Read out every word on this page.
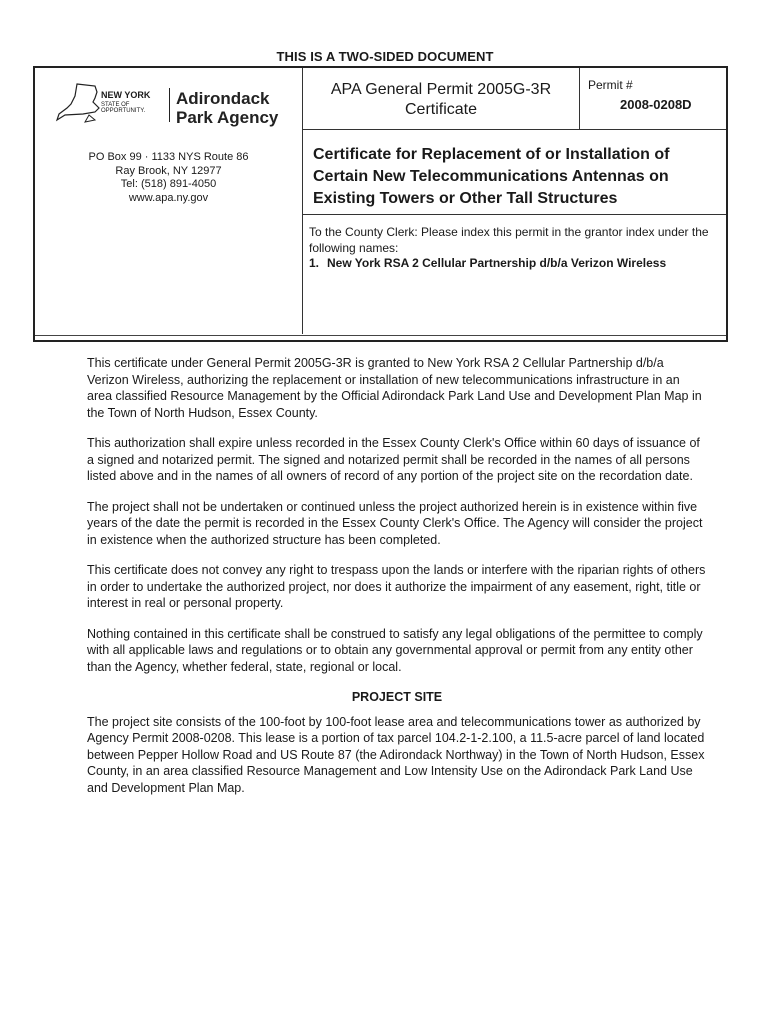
THIS IS A TWO-SIDED DOCUMENT
NEW YORK
STATE OF OPPORTUNITY.
Adirondack
Park Agency
PO Box 99 · 1133 NYS Route 86
Ray Brook, NY 12977
Tel: (518) 891-4050
www.apa.ny.gov
APA General Permit 2005G-3R
Certificate
Permit #
2008-0208D
Certificate for Replacement of or Installation of Certain New Telecommunications Antennas on Existing Towers or Other Tall Structures
To the County Clerk: Please index this permit in the grantor index under the following names:
1. New York RSA 2 Cellular Partnership d/b/a Verizon Wireless

This certificate under General Permit 2005G-3R is granted to New York RSA 2 Cellular Partnership d/b/a Verizon Wireless, authorizing the replacement or installation of new telecommunications infrastructure in an area classified Resource Management by the Official Adirondack Park Land Use and Development Plan Map in the Town of North Hudson, Essex County.

This authorization shall expire unless recorded in the Essex County Clerk's Office within 60 days of issuance of a signed and notarized permit. The signed and notarized permit shall be recorded in the names of all persons listed above and in the names of all owners of record of any portion of the project site on the recordation date.

The project shall not be undertaken or continued unless the project authorized herein is in existence within five years of the date the permit is recorded in the Essex County Clerk's Office. The Agency will consider the project in existence when the authorized structure has been completed.

This certificate does not convey any right to trespass upon the lands or interfere with the riparian rights of others in order to undertake the authorized project, nor does it authorize the impairment of any easement, right, title or interest in real or personal property.

Nothing contained in this certificate shall be construed to satisfy any legal obligations of the permittee to comply with all applicable laws and regulations or to obtain any governmental approval or permit from any entity other than the Agency, whether federal, state, regional or local.

PROJECT SITE

The project site consists of the 100-foot by 100-foot lease area and telecommunications tower as authorized by Agency Permit 2008-0208. This lease is a portion of tax parcel 104.2-1-2.100, a 11.5-acre parcel of land located between Pepper Hollow Road and US Route 87 (the Adirondack Northway) in the Town of North Hudson, Essex County, in an area classified Resource Management and Low Intensity Use on the Adirondack Park Land Use and Development Plan Map.
